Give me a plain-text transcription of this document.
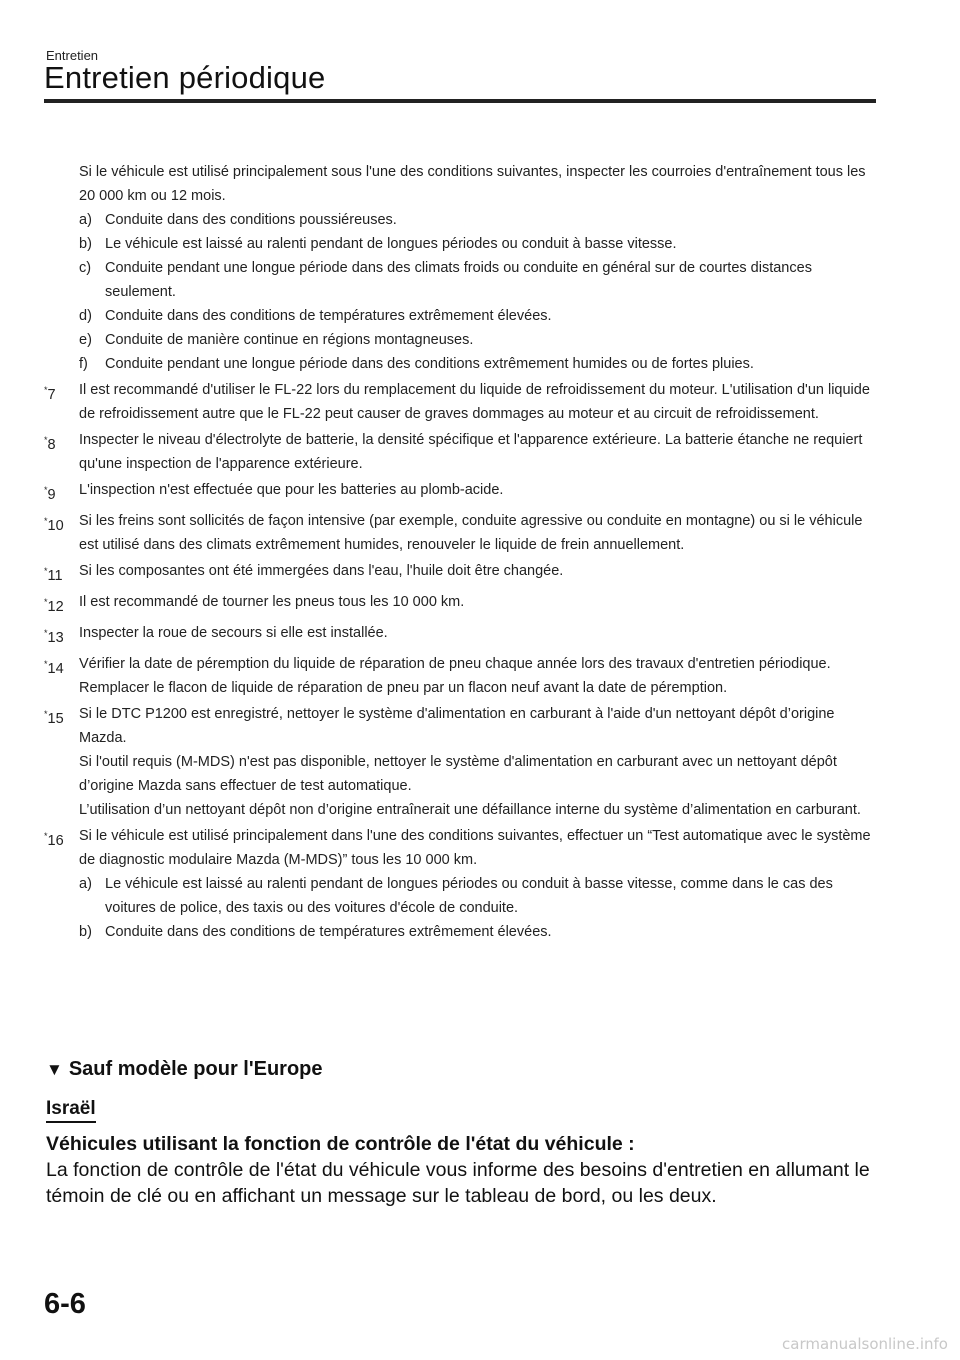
Entretien
Entretien périodique

Si le véhicule est utilisé principalement sous l'une des conditions suivantes, inspecter les courroies d'entraînement tous les 20 000 km ou 12 mois.

a) Conduite dans des conditions poussiéreuses.
b) Le véhicule est laissé au ralenti pendant de longues périodes ou conduit à basse vitesse.
c) Conduite pendant une longue période dans des climats froids ou conduite en général sur de courtes distances seulement.
d) Conduite dans des conditions de températures extrêmement élevées.
e) Conduite de manière continue en régions montagneuses.
f)	Conduite pendant une longue période dans des conditions extrêmement humides ou de fortes pluies.
*7	Il est recommandé d'utiliser le FL-22 lors du remplacement du liquide de refroidissement du moteur. L'utilisation d'un liquide de refroidissement autre que le FL-22 peut causer de graves dommages au moteur et au circuit de refroidissement.
*8	Inspecter le niveau d'électrolyte de batterie, la densité spécifique et l'apparence extérieure. La batterie étanche ne requiert qu'une inspection de l'apparence extérieure.
*9	L'inspection n'est effectuée que pour les batteries au plomb-acide.
*10	Si les freins sont sollicités de façon intensive (par exemple, conduite agressive ou conduite en montagne) ou si le véhicule est utilisé dans des climats extrêmement humides, renouveler le liquide de frein annuellement.
*11	Si les composantes ont été immergées dans l'eau, l'huile doit être changée.
*12	Il est recommandé de tourner les pneus tous les 10 000 km.
*13	Inspecter la roue de secours si elle est installée.
*14	Vérifier la date de péremption du liquide de réparation de pneu chaque année lors des travaux d'entretien périodique. Remplacer le flacon de liquide de réparation de pneu par un flacon neuf avant la date de péremption.
*15	Si le DTC P1200 est enregistré, nettoyer le système d'alimentation en carburant à l'aide d'un nettoyant dépôt d’origine Mazda.
Si l'outil requis (M-MDS) n'est pas disponible, nettoyer le système d'alimentation en carburant avec un nettoyant dépôt d’origine Mazda sans effectuer de test automatique.
L’utilisation d’un nettoyant dépôt non d’origine entraînerait une défaillance interne du système d’alimentation en carburant.
*16	Si le véhicule est utilisé principalement dans l'une des conditions suivantes, effectuer un “Test automatique avec le système de diagnostic modulaire Mazda (M-MDS)” tous les 10 000 km.
a) Le véhicule est laissé au ralenti pendant de longues périodes ou conduit à basse vitesse, comme dans le cas des voitures de police, des taxis ou des voitures d'école de conduite.
b) Conduite dans des conditions de températures extrêmement élevées.
▼ Sauf modèle pour l'Europe
Israël
Véhicules utilisant la fonction de contrôle de l'état du véhicule :
La fonction de contrôle de l'état du véhicule vous informe des besoins d'entretien en allumant le témoin de clé ou en affichant un message sur le tableau de bord, ou les deux.
6-6
carmanualsonline.info
